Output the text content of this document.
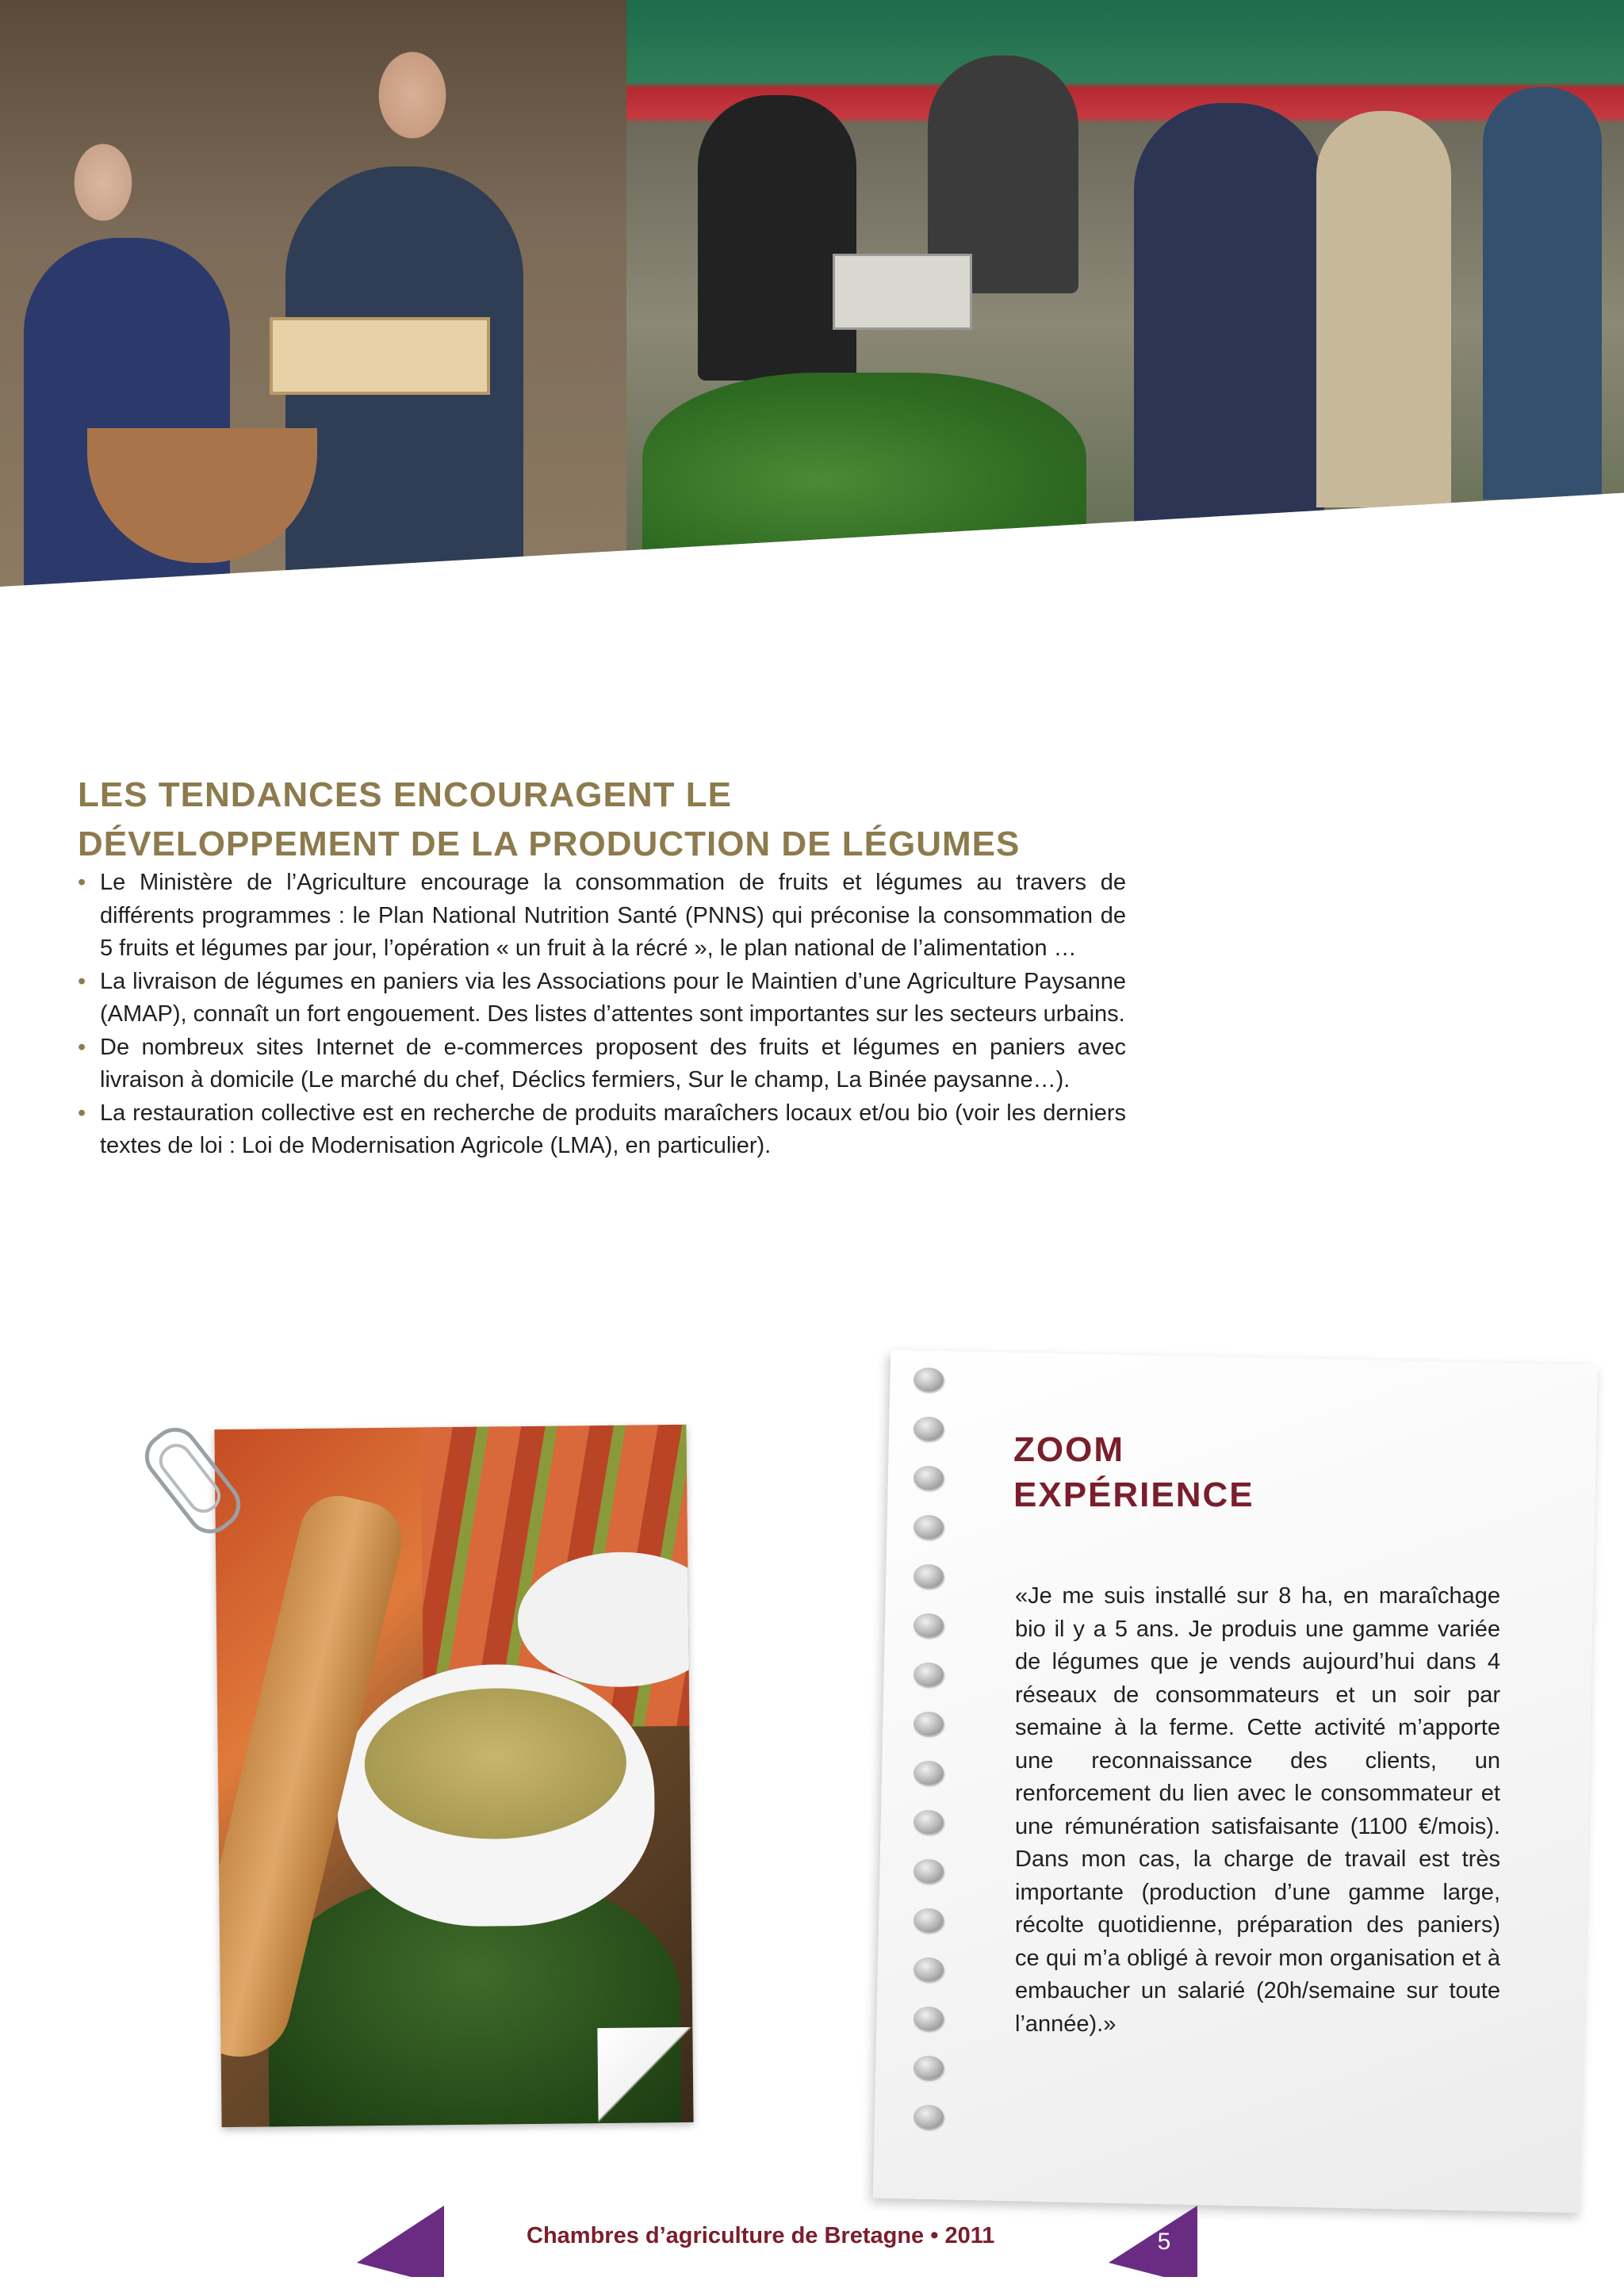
LES TENDANCES ENCOURAGENT LE
DÉVELOPPEMENT DE LA PRODUCTION DE LÉGUMES
• Le Ministère de l’Agriculture encourage la consommation de fruits et légumes au travers de différents programmes : le Plan National Nutrition Santé (PNNS) qui préconise la consommation de 5 fruits et légumes par jour, l’opération « un fruit à la récré », le plan national de l’alimentation …
• La livraison de légumes en paniers via les Associations pour le Maintien d’une Agriculture Paysanne (AMAP), connaît un fort engouement. Des listes d’attentes sont importantes sur les secteurs urbains.
• De nombreux sites Internet de e-commerces proposent des fruits et légumes en paniers avec livraison à domicile (Le marché du chef, Déclics fermiers, Sur le champ, La Binée paysanne…).
• La restauration collective est en recherche de produits maraîchers locaux et/ou bio (voir les derniers textes de loi : Loi de Modernisation Agricole (LMA), en particulier).
ZOOM
EXPÉRIENCE

«Je me suis installé sur 8 ha, en maraîchage bio il y a 5 ans. Je produis une gamme variée de légumes que je vends aujourd’hui dans 4 réseaux de consommateurs et un soir par semaine à la ferme. Cette activité m’apporte une reconnaissance des clients, un renforcement du lien avec le consommateur et une rémunération satisfaisante (1100 €/mois). Dans mon cas, la charge de travail est très importante (production d’une gamme large, récolte quotidienne, préparation des paniers) ce qui m’a obligé à revoir mon organisation et à embaucher un salarié (20h/semaine sur toute l’année).»

Chambres d’agriculture de Bretagne • 2011	5
